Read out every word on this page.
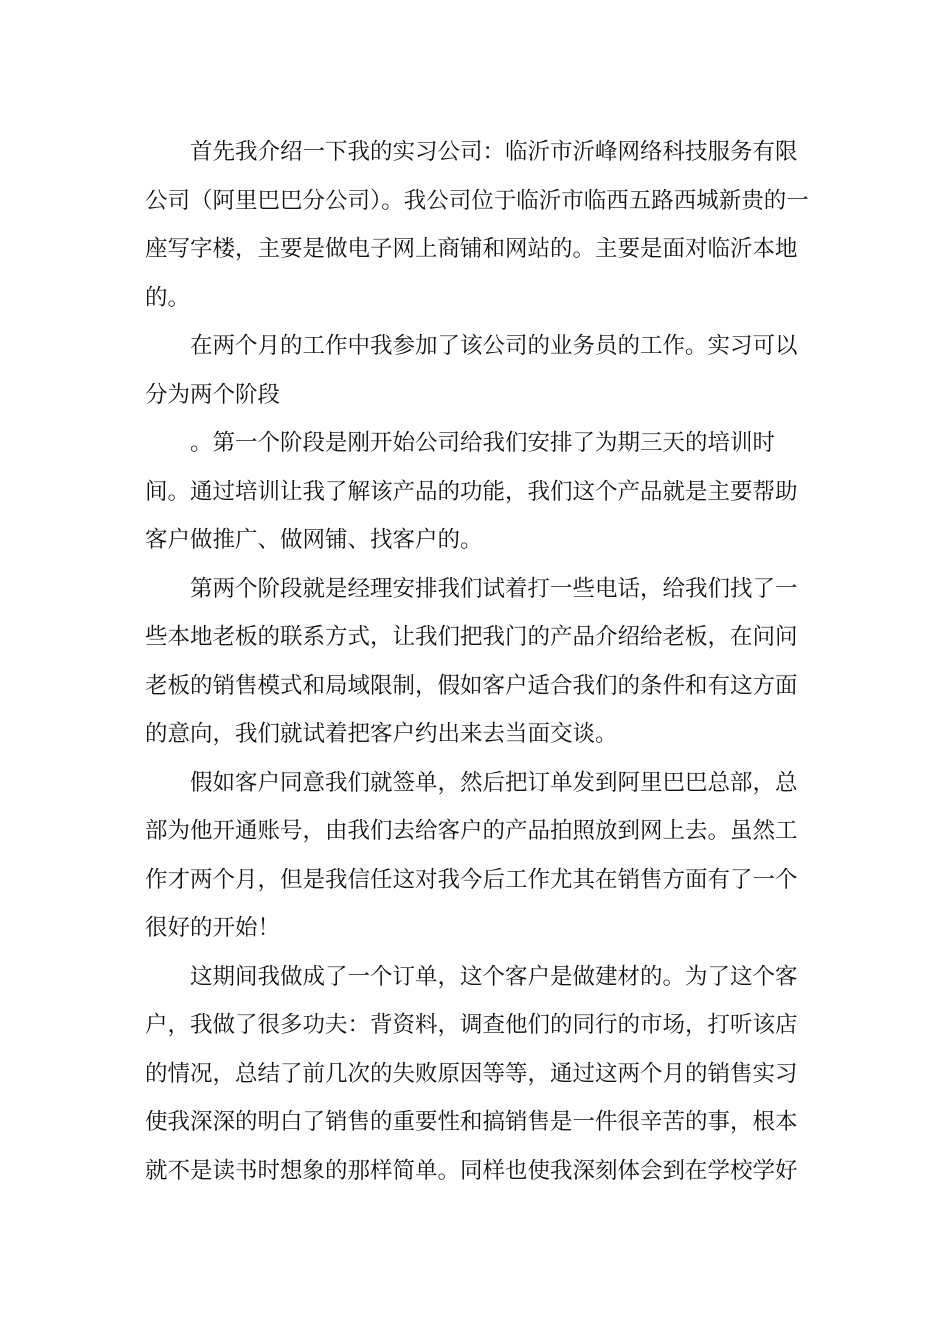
首先我介绍一下我的实习公司：临沂市沂峰网络科技服务有限公司（阿里巴巴分公司）。我公司位于临沂市临西五路西城新贵的一座写字楼，主要是做电子网上商铺和网站的。主要是面对临沂本地的。

在两个月的工作中我参加了该公司的业务员的工作。实习可以分为两个阶段

。第一个阶段是刚开始公司给我们安排了为期三天的培训时间。通过培训让我了解该产品的功能，我们这个产品就是主要帮助客户做推广、做网铺、找客户的。

第两个阶段就是经理安排我们试着打一些电话，给我们找了一些本地老板的联系方式，让我们把我门的产品介绍给老板，在问问老板的销售模式和局域限制，假如客户适合我们的条件和有这方面的意向，我们就试着把客户约出来去当面交谈。

假如客户同意我们就签单，然后把订单发到阿里巴巴总部，总部为他开通账号，由我们去给客户的产品拍照放到网上去。虽然工作才两个月，但是我信任这对我今后工作尤其在销售方面有了一个很好的开始！

这期间我做成了一个订单，这个客户是做建材的。为了这个客户，我做了很多功夫：背资料，调查他们的同行的市场，打听该店的情况，总结了前几次的失败原因等等，通过这两个月的销售实习使我深深的明白了销售的重要性和搞销售是一件很辛苦的事，根本就不是读书时想象的那样简单。同样也使我深刻体会到在学校学好
